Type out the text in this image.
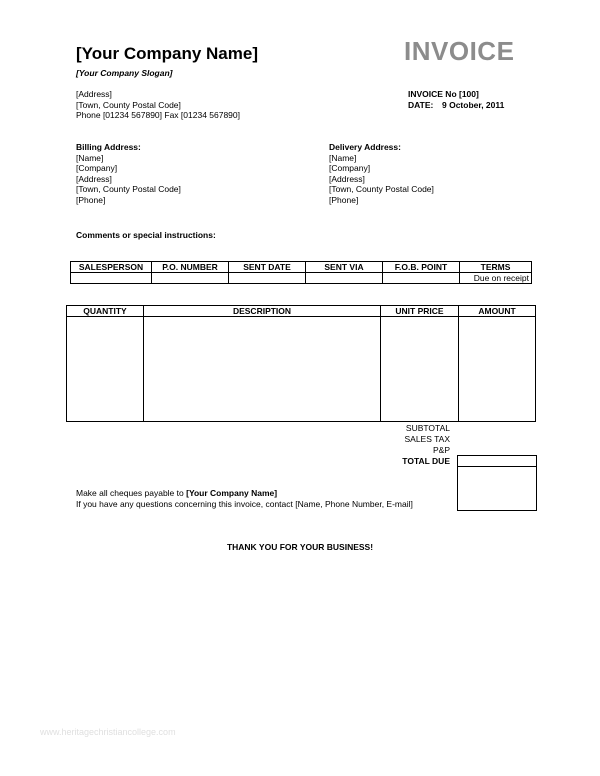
[Your Company Name]
[Your Company Slogan]
INVOICE
[Address]
[Town, County Postal Code]
Phone [01234 567890] Fax [01234 567890]
INVOICE No [100]
DATE: 9 October, 2011
Billing Address:
[Name]
[Company]
[Address]
[Town, County Postal Code]
[Phone]
Delivery Address:
[Name]
[Company]
[Address]
[Town, County Postal Code]
[Phone]
Comments or special instructions:
SALESPERSON	P.O. NUMBER	SENT DATE	SENT VIA	F.O.B. POINT	TERMS
					Due on receipt
QUANTITY	DESCRIPTION	UNIT PRICE	AMOUNT

SUBTOTAL
SALES TAX
P&P
TOTAL DUE
Make all cheques payable to [Your Company Name]
If you have any questions concerning this invoice, contact [Name, Phone Number, E-mail]
THANK YOU FOR YOUR BUSINESS!
www.heritagechristiancollege.com
